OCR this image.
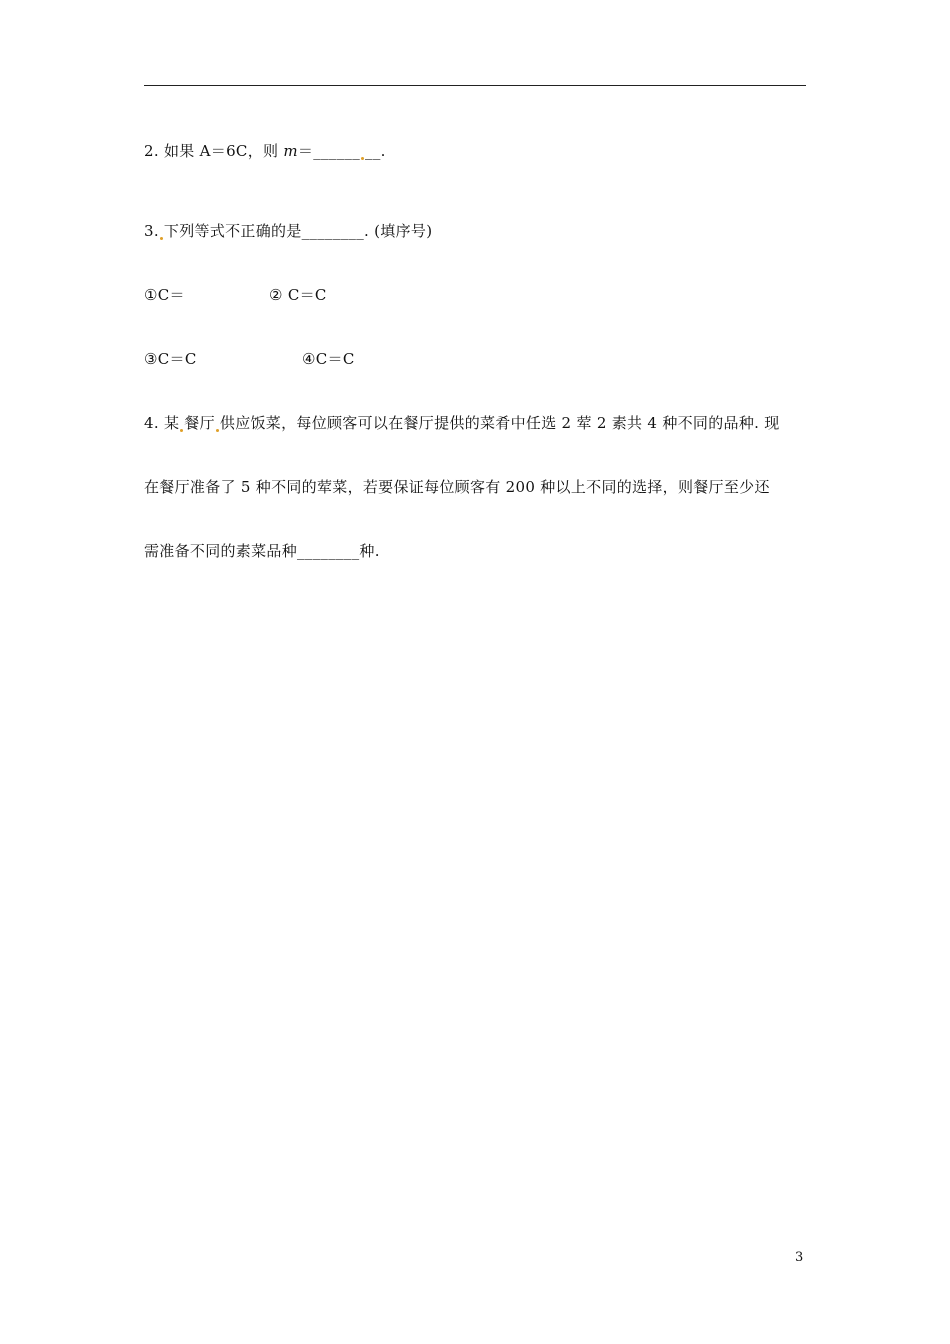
2. 如果 A＝6C，则 m＝______ __.
3. 下列等式不正确的是________. (填序号)
①C＝	② C＝C
③C＝C	④C＝C
4. 某 餐厅 供应饭菜，每位顾客可以在餐厅提供的菜肴中任选 2 荤 2 素共 4 种不同的品种. 现
在餐厅准备了 5 种不同的荤菜，若要保证每位顾客有 200 种以上不同的选择，则餐厅至少还
需准备不同的素菜品种________种.
3
